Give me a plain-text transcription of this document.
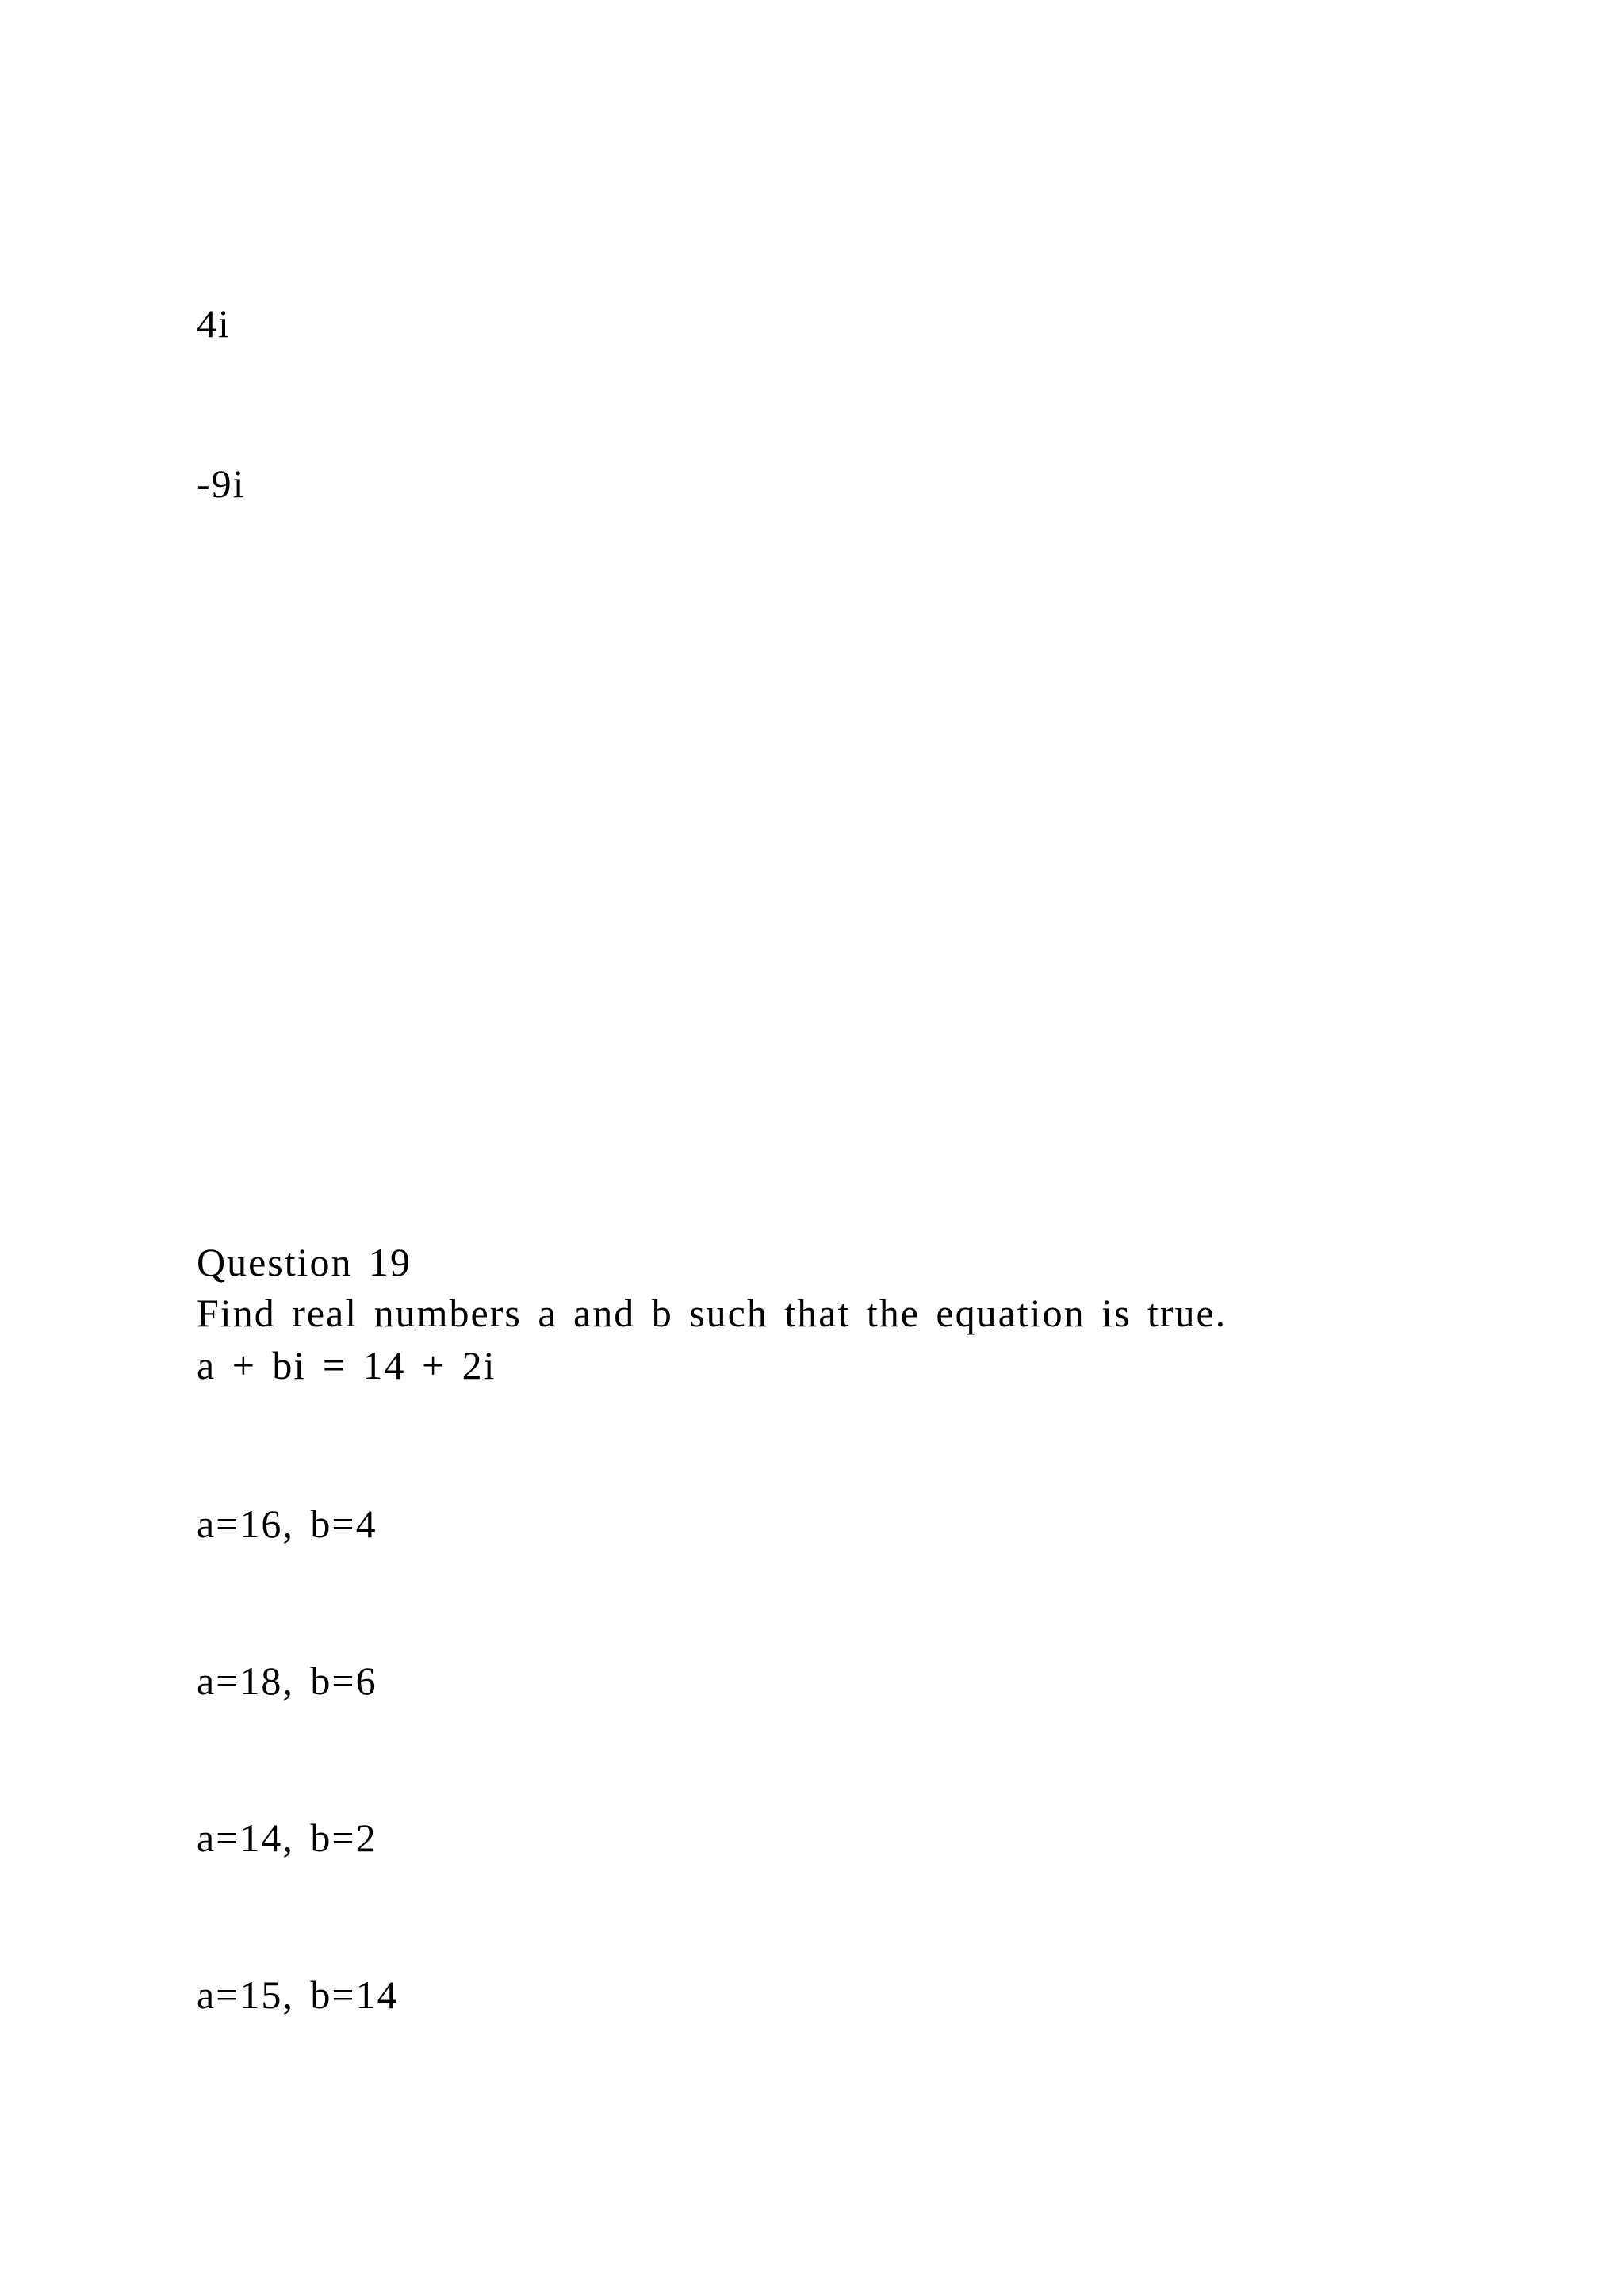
4i
-9i
Question 19
Find real numbers a and b such that the equation is true.
a + bi = 14 + 2i
a=16, b=4
a=18, b=6
a=14, b=2
a=15, b=14
